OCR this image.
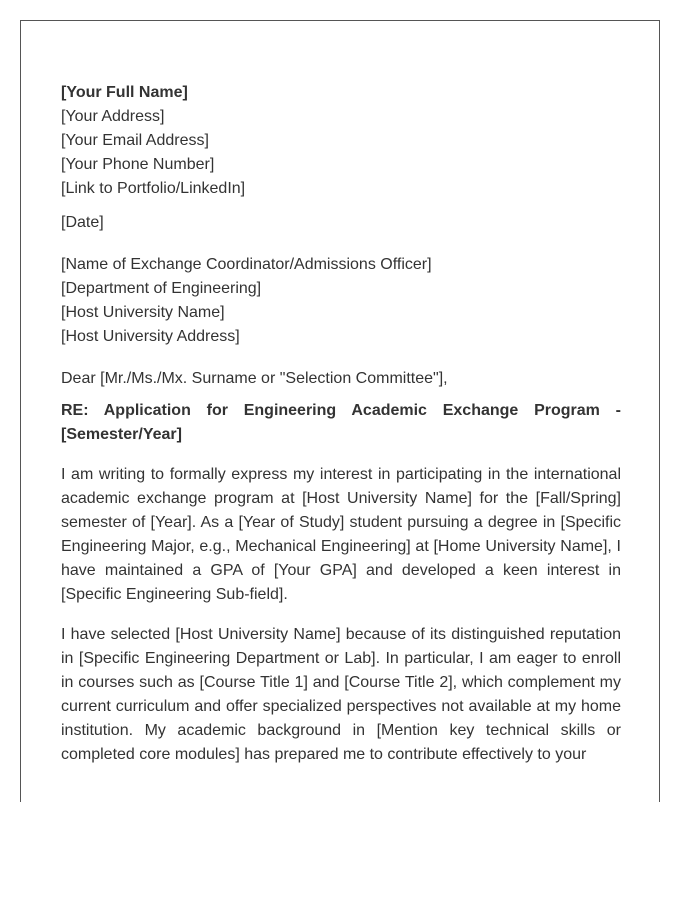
[Your Full Name]
[Your Address]
[Your Email Address]
[Your Phone Number]
[Link to Portfolio/LinkedIn]
[Date]
[Name of Exchange Coordinator/Admissions Officer]
[Department of Engineering]
[Host University Name]
[Host University Address]
Dear [Mr./Ms./Mx. Surname or "Selection Committee"],
RE: Application for Engineering Academic Exchange Program - [Semester/Year]

I am writing to formally express my interest in participating in the international academic exchange program at [Host University Name] for the [Fall/Spring] semester of [Year]. As a [Year of Study] student pursuing a degree in [Specific Engineering Major, e.g., Mechanical Engineering] at [Home University Name], I have maintained a GPA of [Your GPA] and developed a keen interest in [Specific Engineering Sub-field].

I have selected [Host University Name] because of its distinguished reputation in [Specific Engineering Department or Lab]. In particular, I am eager to enroll in courses such as [Course Title 1] and [Course Title 2], which complement my current curriculum and offer specialized perspectives not available at my home institution. My academic background in [Mention key technical skills or completed core modules] has prepared me to contribute effectively to your
